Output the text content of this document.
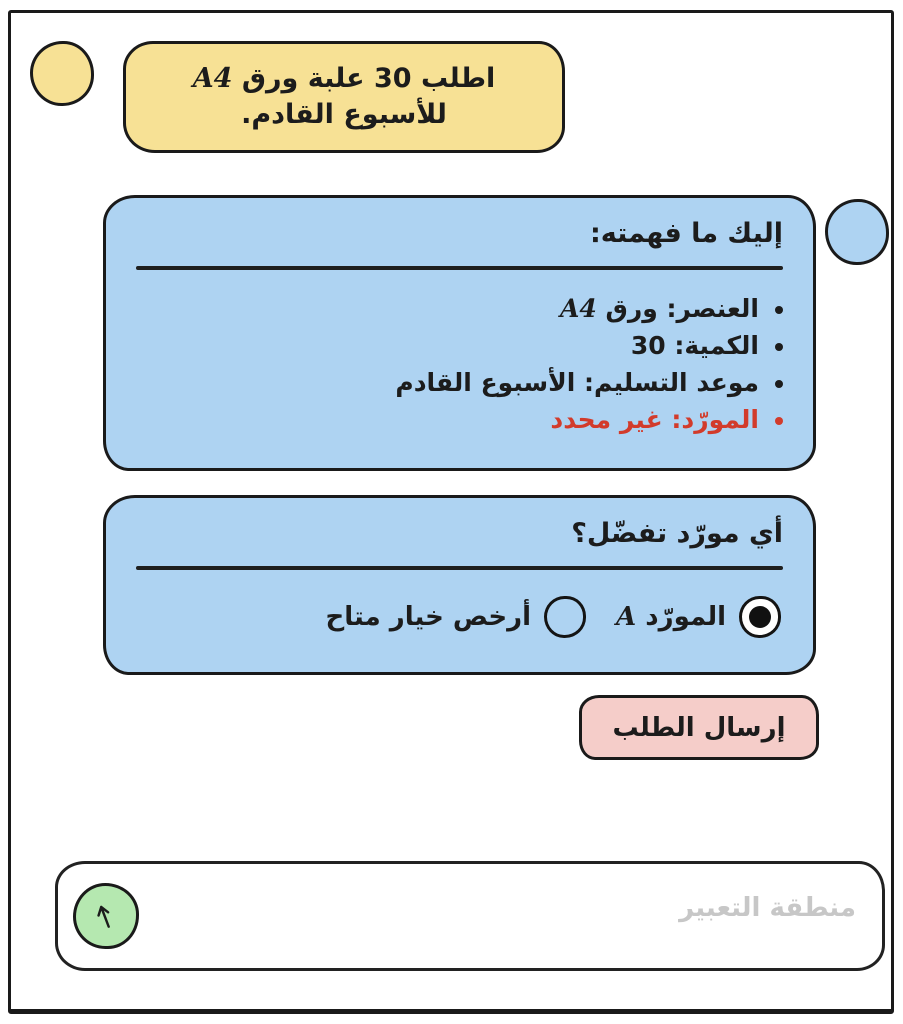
اطلب 30 علبة ورق A4 للأسبوع القادم.

إليك ما فهمته:
• العنصر: ورق A4
• الكمية: 30
• موعد التسليم: الأسبوع القادم
• المورّد: غير محدد
أي مورّد تفضّل؟
المورّد A
أرخص خيار متاح
إرسال الطلب
منطقة التعبير
